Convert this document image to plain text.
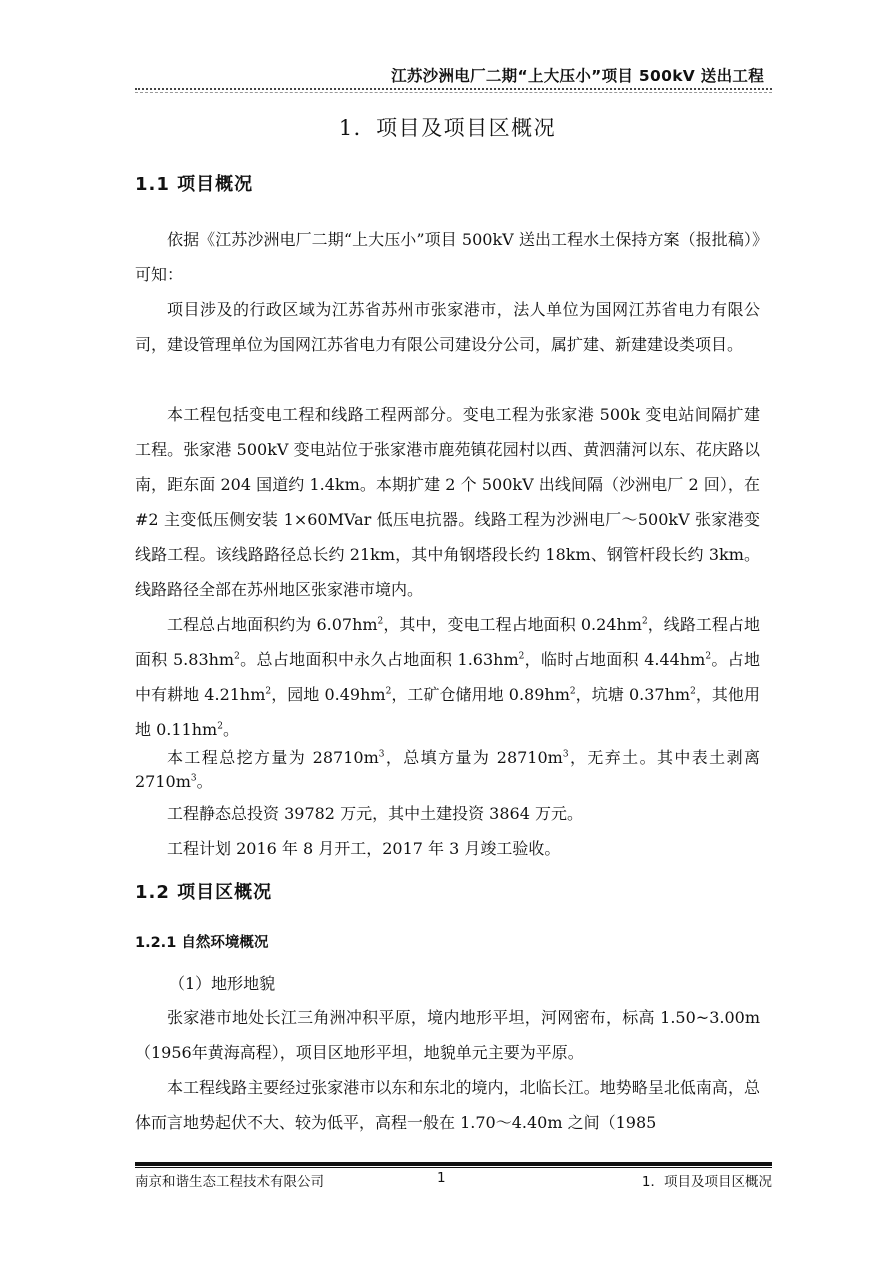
江苏沙洲电厂二期“上大压小”项目 500kV 送出工程
1．项目及项目区概况
1.1 项目概况

依据《江苏沙洲电厂二期“上大压小”项目 500kV 送出工程水土保持方案（报批稿）》可知：

项目涉及的行政区域为江苏省苏州市张家港市，法人单位为国网江苏省电力有限公司，建设管理单位为国网江苏省电力有限公司建设分公司，属扩建、新建建设类项目。

本工程包括变电工程和线路工程两部分。变电工程为张家港 500k 变电站间隔扩建工程。张家港 500kV 变电站位于张家港市鹿苑镇花园村以西、黄泗蒲河以东、花庆路以南，距东面 204 国道约 1.4km。本期扩建 2 个 500kV 出线间隔（沙洲电厂 2 回），在#2 主变低压侧安装 1×60MVar 低压电抗器。线路工程为沙洲电厂～500kV 张家港变线路工程。该线路路径总长约 21km，其中角钢塔段长约 18km、钢管杆段长约 3km。线路路径全部在苏州地区张家港市境内。

工程总占地面积约为 $6.07hm^2$，其中，变电工程占地面积 $0.24hm^2$，线路工程占地面积 $5.83hm^2$。总占地面积中永久占地面积 $1.63hm^2$，临时占地面积 $4.44hm^2$。占地中有耕地 $4.21hm^2$，园地 $0.49hm^2$，工矿仓储用地 $0.89hm^2$，坑塘 $0.37hm^2$，其他用地 $0.11hm^2$。

本工程总挖方量为 $28710m^3$，总填方量为 $28710m^3$，无弃土。其中表土剥离 $2710m^3$。

工程静态总投资 39782 万元，其中土建投资 3864 万元。

工程计划 2016 年 8 月开工，2017 年 3 月竣工验收。

1.2 项目区概况
1.2.1 自然环境概况
（1）地形地貌

张家港市地处长江三角洲冲积平原，境内地形平坦，河网密布，标高 1.50~3.00m（1956年黄海高程），项目区地形平坦，地貌单元主要为平原。

本工程线路主要经过张家港市以东和东北的境内，北临长江。地势略呈北低南高，总体而言地势起伏不大、较为低平，高程一般在 1.70～4.40m 之间（1985

南京和谐生态工程技术有限公司	1	1．项目及项目区概况
